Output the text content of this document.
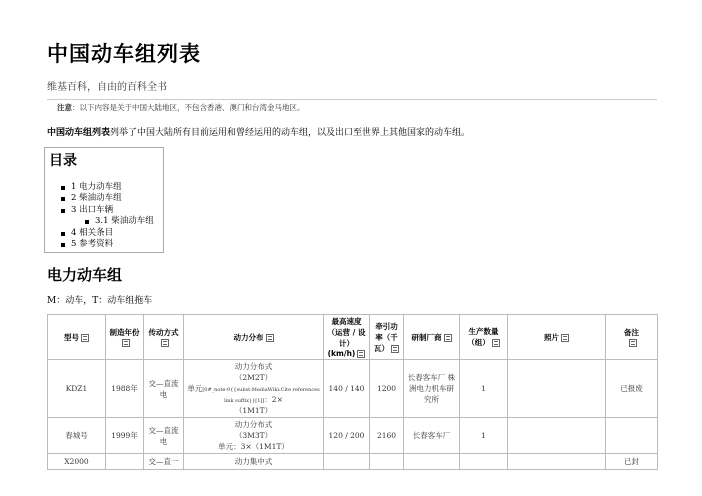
中国动车组列表
维基百科，自由的百科全书
注意：以下内容是关于中国大陆地区，不包含香港、澳门和台湾金马地区。
中国动车组列表列举了中国大陆所有目前运用和曾经运用的动车组，以及出口至世界上其他国家的动车组。
目录
1 电力动车组
2 柴油动车组
3 出口车辆
3.1 柴油动车组
4 相关条目
5 参考资料
电力动车组
M：动车，T：动车组拖车
型号	制造年份	传动方式	动力分布	最高速度（运营 / 设计）(km/h)	牵引功率（千瓦）	研制厂商	生产数量（组）	照片	备注

KDZ1	1988年	交—直流电	动力分布式
（2M2T）
单元[0#_note-0{{subst:MediaWiki:Cite references link suffix}}[1]]：2×
（1M1T）	140 / 140	1200	长春客车厂 株洲电力机车研究所	1		已报废
春城号	1999年	交—直流电	动力分布式
（3M3T）
单元：3×（1M1T）	120 / 200	2160	长春客车厂	1		
X2000		交—直一	动力集中式						已封
